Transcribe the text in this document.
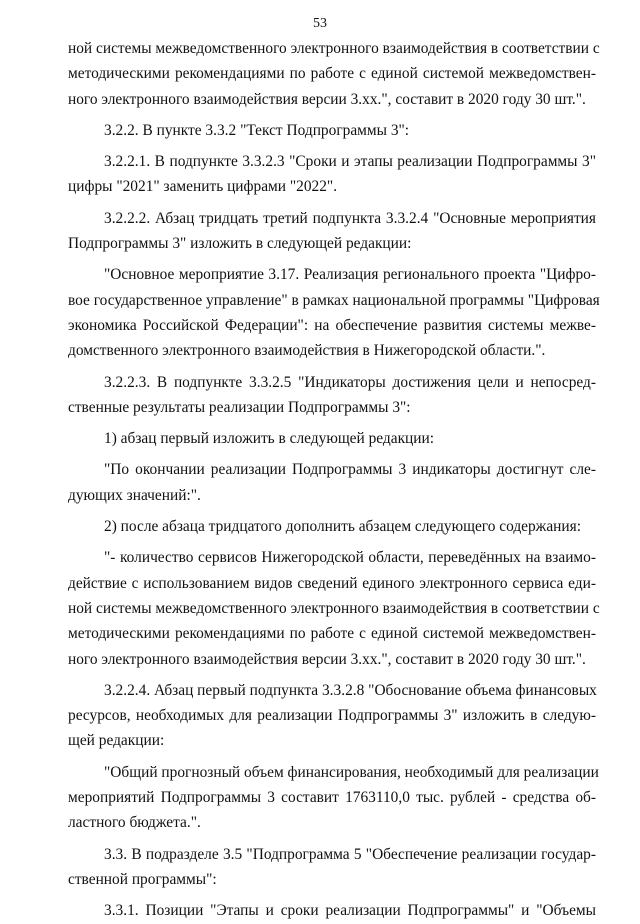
53
ной системы межведомственного электронного взаимодействия в соответствии с
методическими рекомендациями по работе с единой системой межведомствен-
ного электронного взаимодействия версии 3.xx.", составит в 2020 году 30 шт.".
3.2.2. В пункте 3.3.2 "Текст Подпрограммы 3":
3.2.2.1. В подпункте 3.3.2.3 "Сроки и этапы реализации Подпрограммы 3"
цифры "2021" заменить цифрами "2022".
3.2.2.2. Абзац тридцать третий подпункта 3.3.2.4 "Основные мероприятия
Подпрограммы 3" изложить в следующей редакции:
"Основное мероприятие 3.17. Реализация регионального проекта "Цифро-
вое государственное управление" в рамках национальной программы "Цифровая
экономика Российской Федерации": на обеспечение развития системы межве-
домственного электронного взаимодействия в Нижегородской области.".
3.2.2.3. В подпункте 3.3.2.5 "Индикаторы достижения цели и непосред-
ственные результаты реализации Подпрограммы 3":
1) абзац первый изложить в следующей редакции:
"По окончании реализации Подпрограммы 3 индикаторы достигнут сле-
дующих значений:".
2) после абзаца тридцатого дополнить абзацем следующего содержания:
"- количество сервисов Нижегородской области, переведённых на взаимо-
действие с использованием видов сведений единого электронного сервиса еди-
ной системы межведомственного электронного взаимодействия в соответствии с
методическими рекомендациями по работе с единой системой межведомствен-
ного электронного взаимодействия версии 3.xx.", составит в 2020 году 30 шт.".
3.2.2.4. Абзац первый подпункта 3.3.2.8 "Обоснование объема финансовых
ресурсов, необходимых для реализации Подпрограммы 3" изложить в следую-
щей редакции:
"Общий прогнозный объем финансирования, необходимый для реализации
мероприятий Подпрограммы 3 составит 1763110,0 тыс. рублей - средства об-
ластного бюджета.".
3.3. В подразделе 3.5 "Подпрограмма 5 "Обеспечение реализации государ-
ственной программы":
3.3.1. Позиции "Этапы и сроки реализации Подпрограммы" и "Объемы
